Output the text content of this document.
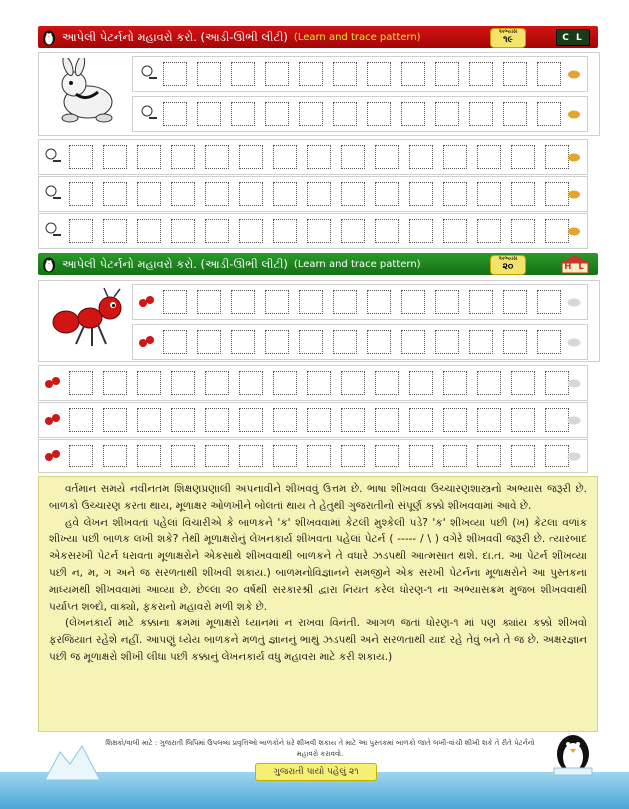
આપેલી પેટર્નનો મહાવરો કરો. (આડી-ઊભી લીટી) (Learn and trace pattern)	અભ્યાસ
૧૯	C L
આપેલી પેટર્નનો મહાવરો કરો. (આડી-ઊભી લીટી) (Learn and trace pattern)	અભ્યાસ
૨૦	H L

વર્તમાન સમયે નવીનતમ શિક્ષણપ્રણાલી અપનાવીને શીખવવું ઉત્તમ છે. ભાષા શીખવવા ઉચ્ચારણશાસ્ત્રનો અભ્યાસ જરૂરી છે. બાળકો ઉચ્ચારણ કરતા થાય, મૂળાક્ષર ઓળખીને બોલતાં થાય તે હેતુથી ગુજરાતીનો સંપૂર્ણ કક્કો શીખવવામાં આવે છે.

હવે લેખન શીખવતાં પહેલાં વિચારીએ કે બાળકને 'ક' શીખવવામાં કેટલી મુશ્કેલી પડે? 'ક' શીખવ્યા પછી (ખ) કેટલા વળાંક શીખ્યા પછી બાળક લખી શકે? તેથી મૂળાક્ષરોનું લેખનકાર્ય શીખવતા પહેલાં પેટર્ન ( ----- / \ ) વગેરે શીખવવી જરૂરી છે. ત્યારબાદ એકસરખી પેટર્ન ધરાવતા મૂળાક્ષરોને એકસાથે શીખવવાથી બાળકને તે વધારે ઝડપથી આત્મસાત થશે. દા.ત. આ પેટર્ન શીખવ્યા પછી ન, મ, ગ અને જ સરળતાથી શીખવી શકાય.) બાળમનોવિજ્ઞાનને સમજીને એક સરખી પેટર્નના મૂળાક્ષરોને આ પુસ્તકના માધ્યમથી શીખવવામાં આવ્યા છે. છેલ્લા ૨૦ વર્ષથી સરકારશ્રી દ્વારા નિયત કરેલ ધોરણ-૧ ના અભ્યાસક્રમ મુજબ શીખવવાથી પર્યાપ્ત શબ્દો, વાક્યો, ફકરાનો મહાવરો મળી શકે છે.

(લેખનકાર્ય માટે કક્કાના ક્રમમાં મૂળાક્ષરો ધ્યાનમાં ન રાખવા વિનંતી. આગળ જતાં ધોરણ-૧ માં પણ ક્યાંય કક્કો શીખવો ફરજિયાત રહેશે નહીં. આપણું ધ્યેય બાળકને મળતું જ્ઞાનનું ભાથું ઝડપથી અને સરળતાથી યાદ રહે તેવું બને તે જ છે. અક્ષરજ્ઞાન પછી જ મૂળાક્ષરો શીખી લીધા પછી કક્કાનું લેખનકાર્ય વધુ મહાવરા માટે કરી શકાય.)

શિક્ષકો/વાલી માટે : ગુજરાતી લિપિમાં ઉપલબ્ધ પ્રવૃત્તિઓ બાળકોને ઘરે શીખવી શકાય તે માટે આ પુસ્તકમાં બાળકો જાતે લખી-વાંચી શીખી શકે તે રીતે પેટર્નનો મહાવરો કરાવવો.
ગુજરાતી પાયો પહેલું ૨૧
